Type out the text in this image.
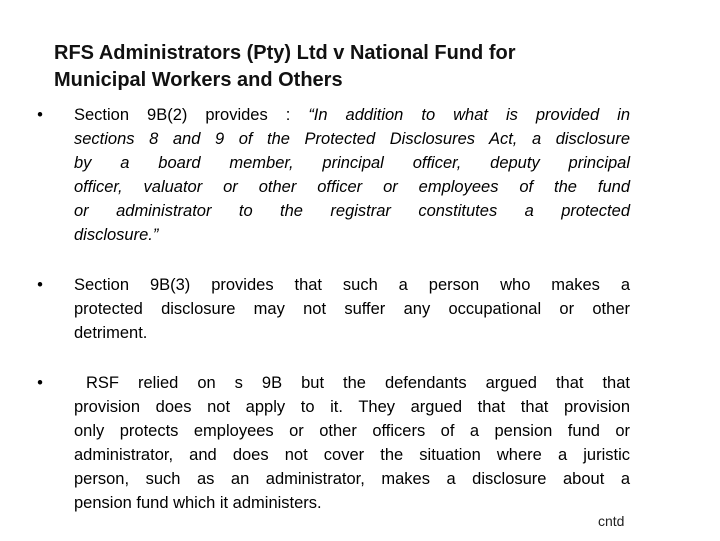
RFS Administrators (Pty) Ltd v National Fund for
Municipal Workers and Others
•	Section 9B(2) provides : “In addition to what is provided in
sections 8 and 9 of the Protected Disclosures Act, a disclosure
by a board member, principal officer, deputy principal
officer, valuator or other officer or employees of the fund
or administrator to the registrar constitutes a protected
disclosure.”
•	Section 9B(3) provides that such a person who makes a
protected disclosure may not suffer any occupational or other
detriment.
•	RSF relied on s 9B but the defendants argued that that
provision does not apply to it. They argued that that provision
only protects employees or other officers of a pension fund or
administrator, and does not cover the situation where a juristic
person, such as an administrator, makes a disclosure about a
pension fund which it administers.
cntd
